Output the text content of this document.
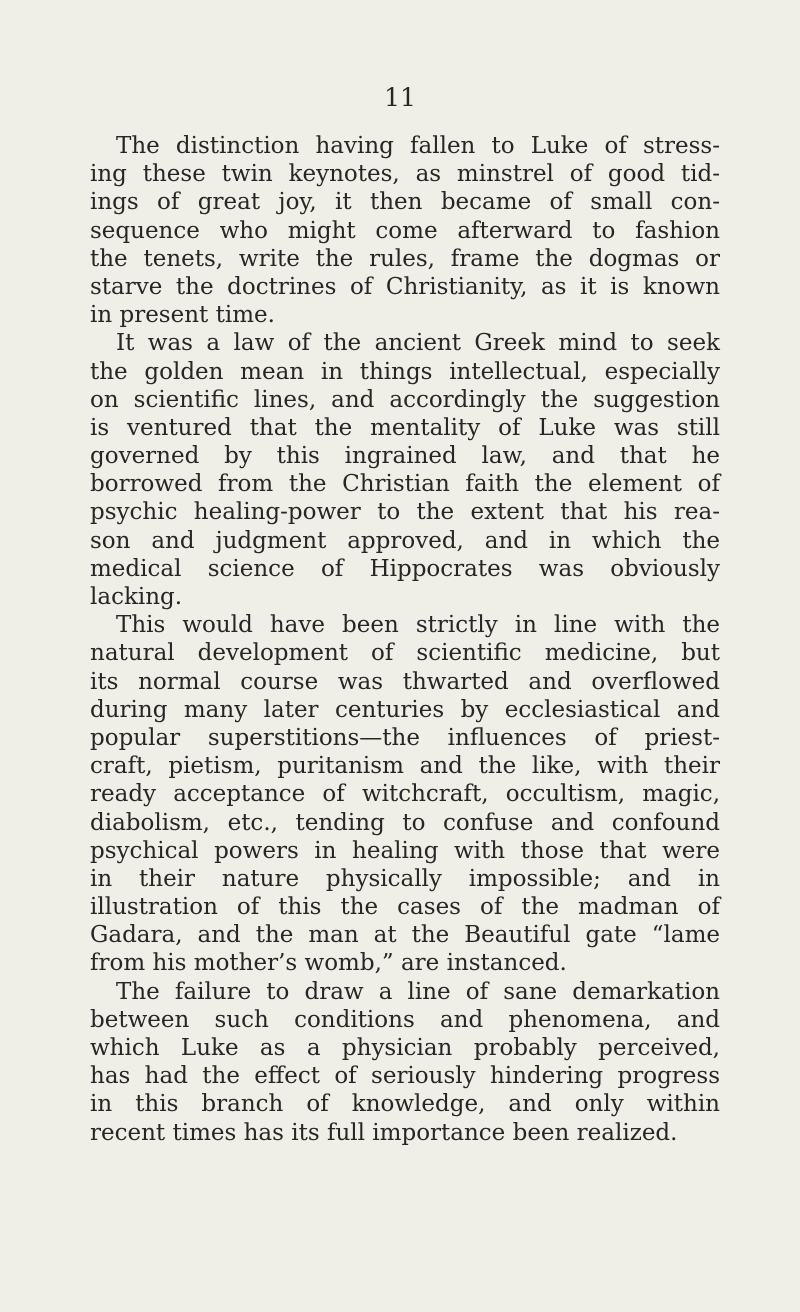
11
The distinction having fallen to Luke of stress-
ing these twin keynotes, as minstrel of good tid-
ings of great joy, it then became of small con-
sequence who might come afterward to fashion
the tenets, write the rules, frame the dogmas or
starve the doctrines of Christianity, as it is known
in present time.
It was a law of the ancient Greek mind to seek
the golden mean in things intellectual, especially
on scientific lines, and accordingly the suggestion
is ventured that the mentality of Luke was still
governed by this ingrained law, and that he
borrowed from the Christian faith the element of
psychic healing-power to the extent that his rea-
son and judgment approved, and in which the
medical science of Hippocrates was obviously
lacking.
This would have been strictly in line with the
natural development of scientific medicine, but
its normal course was thwarted and overflowed
during many later centuries by ecclesiastical and
popular superstitions—the influences of priest-
craft, pietism, puritanism and the like, with their
ready acceptance of witchcraft, occultism, magic,
diabolism, etc., tending to confuse and confound
psychical powers in healing with those that were
in their nature physically impossible; and in
illustration of this the cases of the madman of
Gadara, and the man at the Beautiful gate “lame
from his mother’s womb,” are instanced.
The failure to draw a line of sane demarkation
between such conditions and phenomena, and
which Luke as a physician probably perceived,
has had the effect of seriously hindering progress
in this branch of knowledge, and only within
recent times has its full importance been realized.
